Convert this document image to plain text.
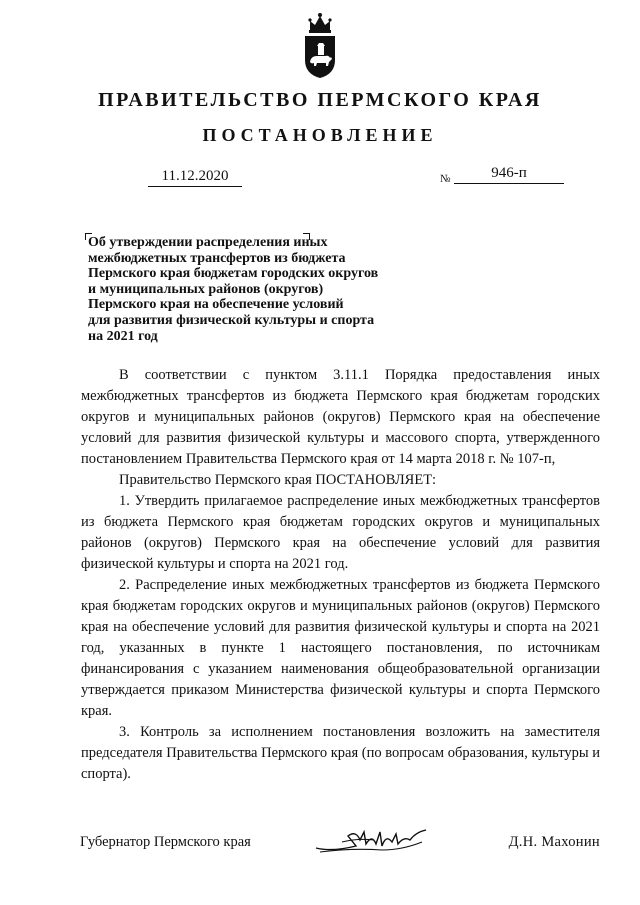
ПРАВИТЕЛЬСТВО ПЕРМСКОГО КРАЯ
ПОСТАНОВЛЕНИЕ
11.12.2020	№	946-п
Об утверждении распределения иных
межбюджетных трансфертов из бюджета
Пермского края бюджетам городских округов
и муниципальных районов (округов)
Пермского края на обеспечение условий
для развития физической культуры и спорта
на 2021 год

В соответствии с пунктом 3.11.1 Порядка предоставления иных межбюджетных трансфертов из бюджета Пермского края бюджетам городских округов и муниципальных районов (округов) Пермского края на обеспечение условий для развития физической культуры и массового спорта, утвержденного постановлением Правительства Пермского края от 14 марта 2018 г. № 107-п,

Правительство Пермского края ПОСТАНОВЛЯЕТ:

1. Утвердить прилагаемое распределение иных межбюджетных трансфертов из бюджета Пермского края бюджетам городских округов и муниципальных районов (округов) Пермского края на обеспечение условий для развития физической культуры и спорта на 2021 год.

2. Распределение иных межбюджетных трансфертов из бюджета Пермского края бюджетам городских округов и муниципальных районов (округов) Пермского края на обеспечение условий для развития физической культуры и спорта на 2021 год, указанных в пункте 1 настоящего постановления, по источникам финансирования с указанием наименования общеобразовательной организации утверждается приказом Министерства физической культуры и спорта Пермского края.

3. Контроль за исполнением постановления возложить на заместителя председателя Правительства Пермского края (по вопросам образования, культуры и спорта).

Губернатор Пермского края	Д.Н. Махонин
